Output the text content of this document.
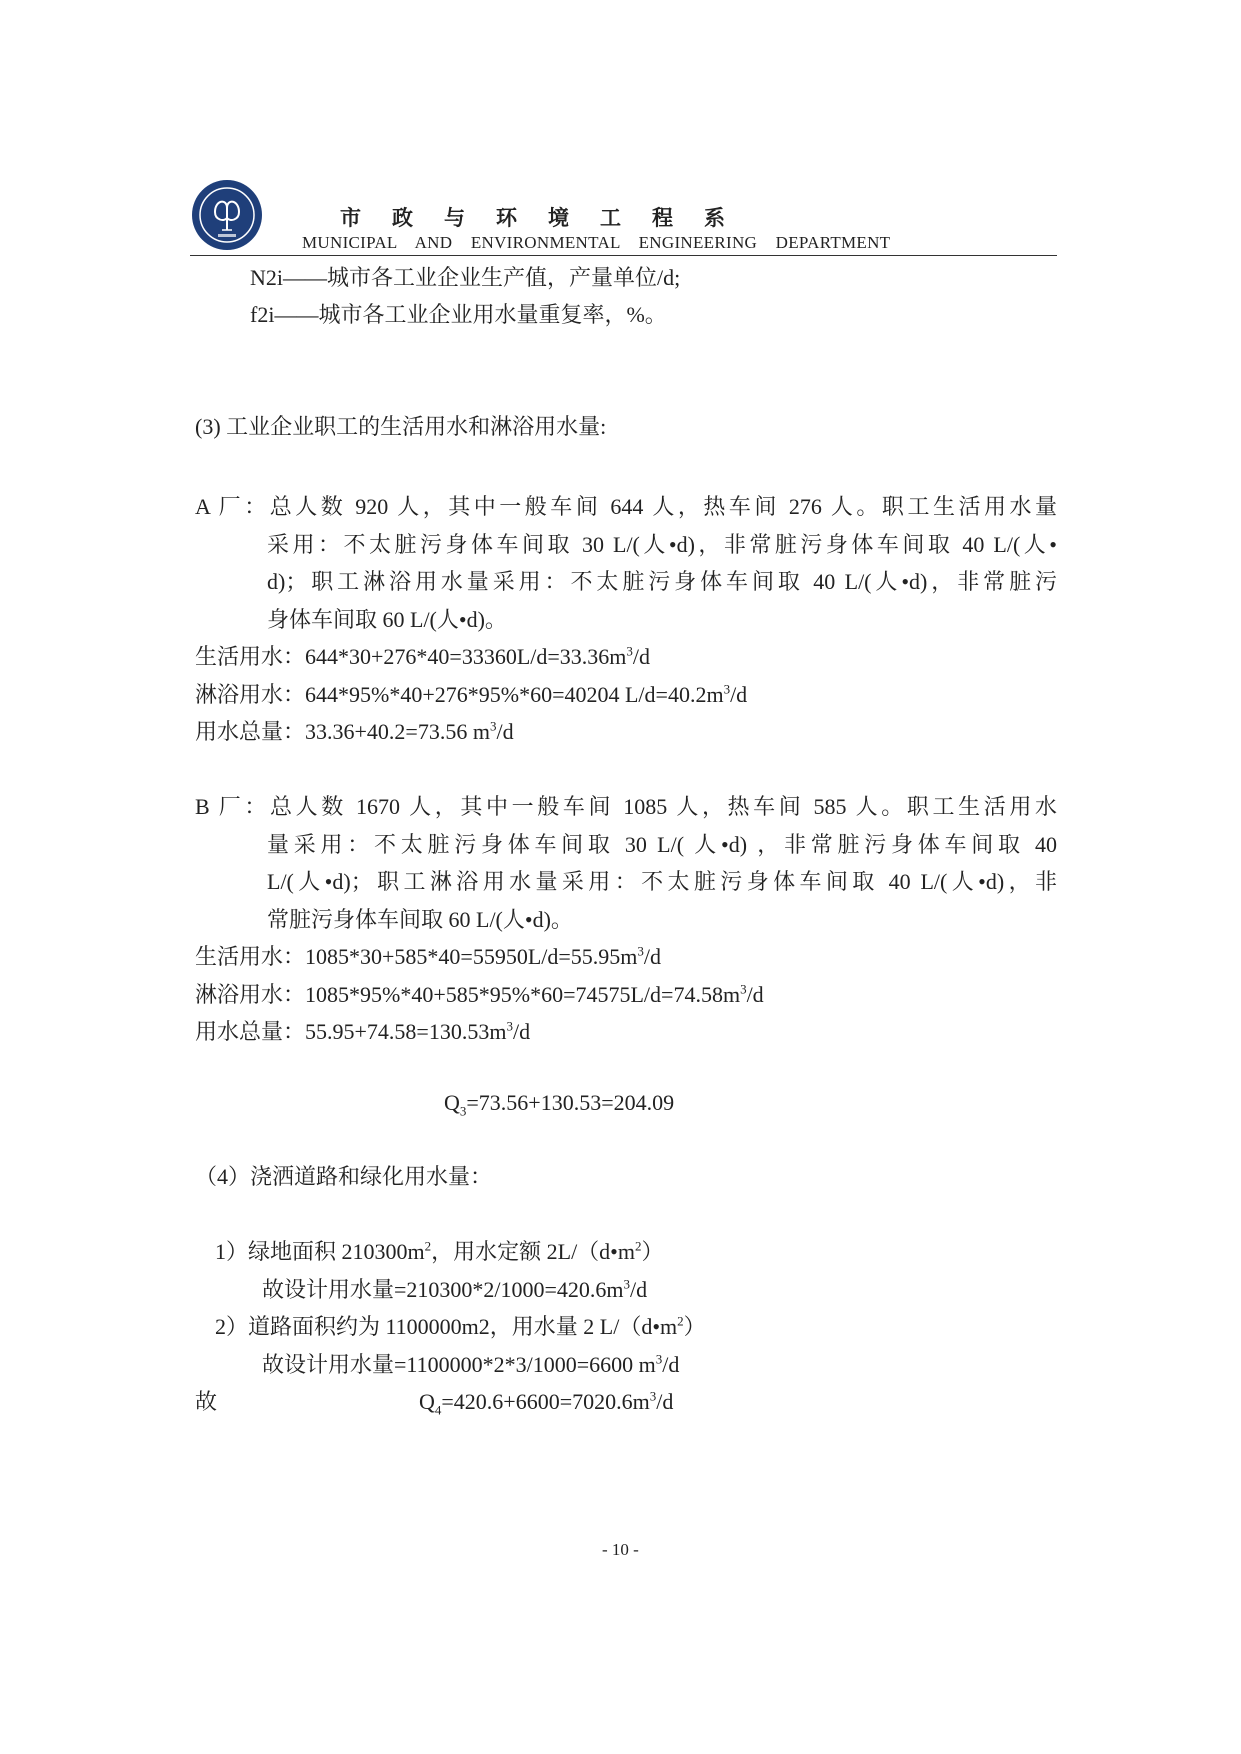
市政与环境工程系
MUNICIPAL AND ENVIRONMENTAL ENGINEERING DEPARTMENT
N2i——城市各工业企业生产值，产量单位/d;
f2i——城市各工业企业用水量重复率，%。
(3) 工业企业职工的生活用水和淋浴用水量:
A 厂：总人数 920 人，其中一般车间 644 人，热车间 276 人。职工生活用水量
采用：不太脏污身体车间取 30 L/(人•d)，非常脏污身体车间取 40 L/(人•
d)；职工淋浴用水量采用：不太脏污身体车间取 40 L/(人•d)，非常脏污
身体车间取 60 L/(人•d)。
生活用水：$644*30+276*40=33360L/d=33.36m^3/d$
淋浴用水：644*95%*40+276*95%*60=40204 $L/d=40.2m^3/d$
用水总量：33.36+40.2=73.56 $m^3/d$
B 厂：总人数 1670 人，其中一般车间 1085 人，热车间 585 人。职工生活用水
量采用：不太脏污身体车间取 30 L/( 人•d) ，非常脏污身体车间取 40
L/(人•d)；职工淋浴用水量采用：不太脏污身体车间取 40 L/(人•d)，非
常脏污身体车间取 60 L/(人•d)。
生活用水：$1085*30+585*40=55950L/d=55.95m^3/d$
淋浴用水：$1085*95\%*40+585*95\%*60=74575L/d=74.58m^3/d$
用水总量：$55.95+74.58=130.53m^3/d$
$Q_3=73.56+130.53=204.09$
（4）浇洒道路和绿化用水量：
1）绿地面积 $210300m^2$，用水定额 $2L/(d•m^2)$
故设计用水量$=210300*2/1000=420.6m^3/d$
2）道路面积约为 1100000m2，用水量 2 $L/(d•m^2)$
故设计用水量=1100000*2*3/1000=6600 $m^3/d$
故	$Q_4=420.6+6600=7020.6m^3/d$
- 10 -
